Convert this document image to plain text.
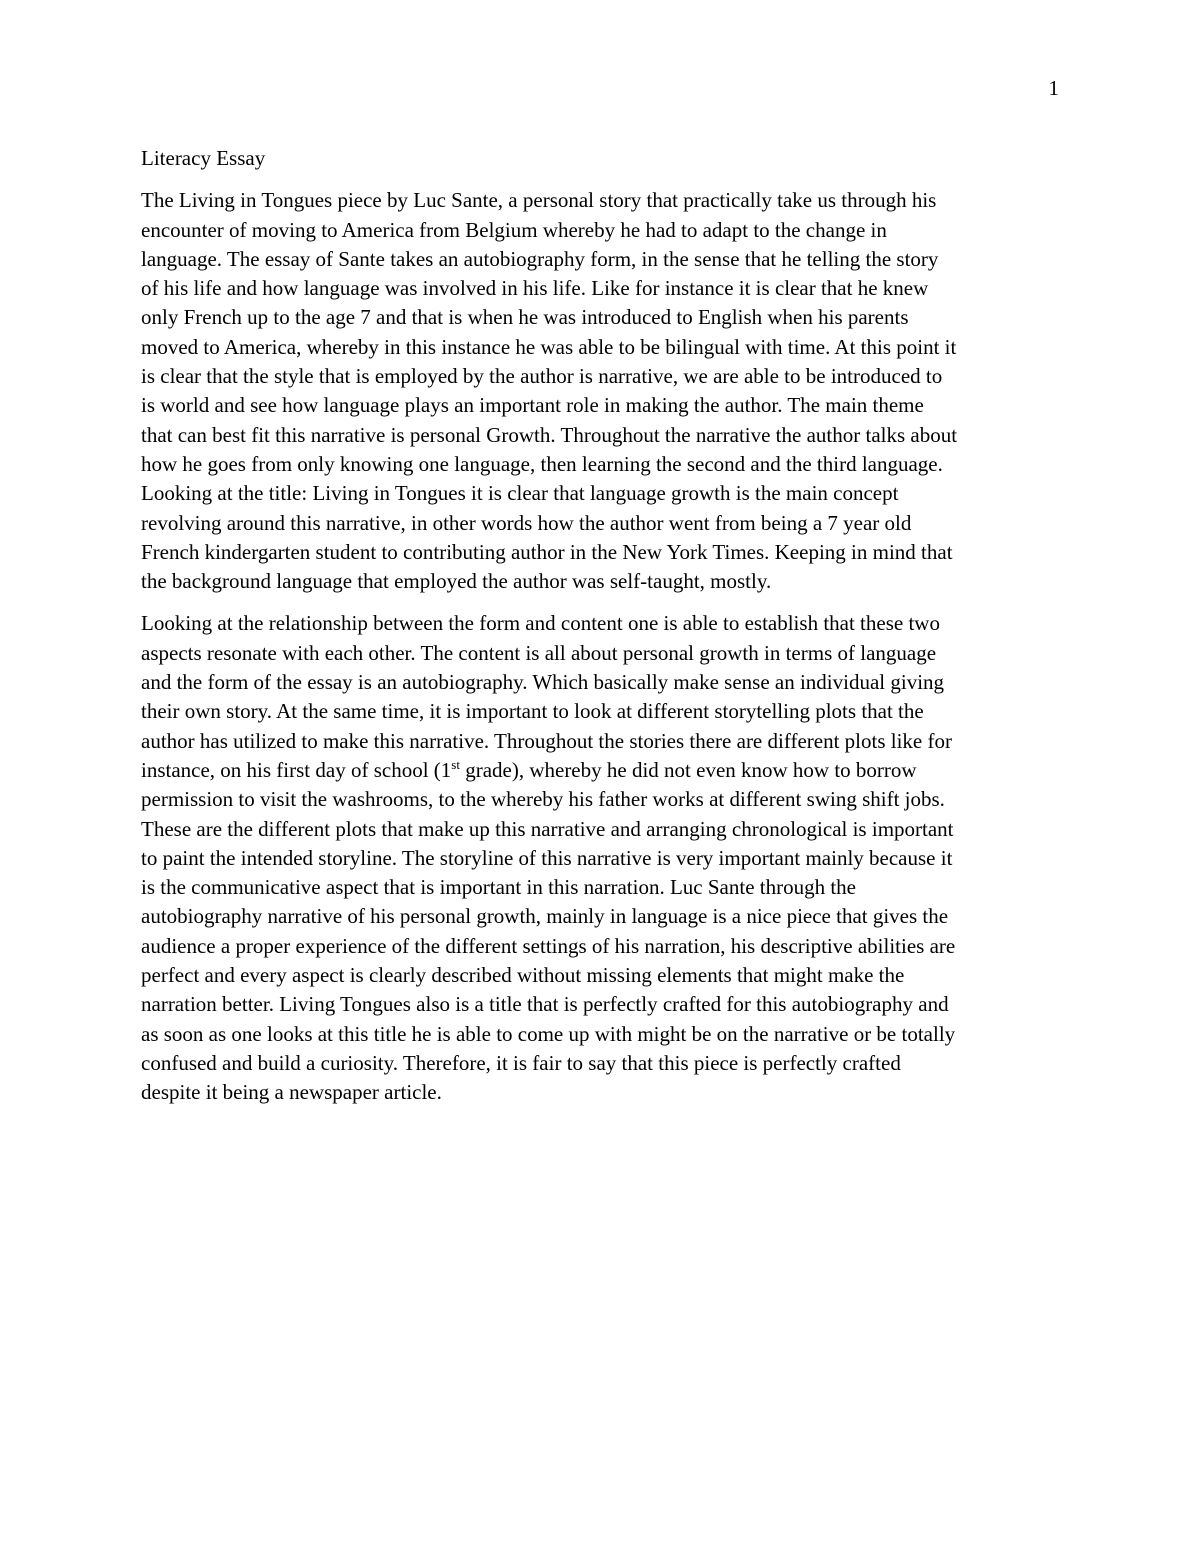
1
Literacy Essay
The Living in Tongues piece by Luc Sante, a personal story that practically take us through his
encounter of moving to America from Belgium whereby he had to adapt to the change in
language. The essay of Sante takes an autobiography form, in the sense that he telling the story
of his life and how language was involved in his life. Like for instance it is clear that he knew
only French up to the age 7 and that is when he was introduced to English when his parents
moved to America, whereby in this instance he was able to be bilingual with time. At this point it
is clear that the style that is employed by the author is narrative, we are able to be introduced to
is world and see how language plays an important role in making the author. The main theme
that can best fit this narrative is personal Growth. Throughout the narrative the author talks about
how he goes from only knowing one language, then learning the second and the third language.
Looking at the title: Living in Tongues it is clear that language growth is the main concept
revolving around this narrative, in other words how the author went from being a 7 year old
French kindergarten student to contributing author in the New York Times. Keeping in mind that
the background language that employed the author was self-taught, mostly.
Looking at the relationship between the form and content one is able to establish that these two
aspects resonate with each other. The content is all about personal growth in terms of language
and the form of the essay is an autobiography. Which basically make sense an individual giving
their own story. At the same time, it is important to look at different storytelling plots that the
author has utilized to make this narrative. Throughout the stories there are different plots like for
instance, on his first day of school (1st grade), whereby he did not even know how to borrow
permission to visit the washrooms, to the whereby his father works at different swing shift jobs.
These are the different plots that make up this narrative and arranging chronological is important
to paint the intended storyline. The storyline of this narrative is very important mainly because it
is the communicative aspect that is important in this narration. Luc Sante through the
autobiography narrative of his personal growth, mainly in language is a nice piece that gives the
audience a proper experience of the different settings of his narration, his descriptive abilities are
perfect and every aspect is clearly described without missing elements that might make the
narration better. Living Tongues also is a title that is perfectly crafted for this autobiography and
as soon as one looks at this title he is able to come up with might be on the narrative or be totally
confused and build a curiosity. Therefore, it is fair to say that this piece is perfectly crafted
despite it being a newspaper article.
